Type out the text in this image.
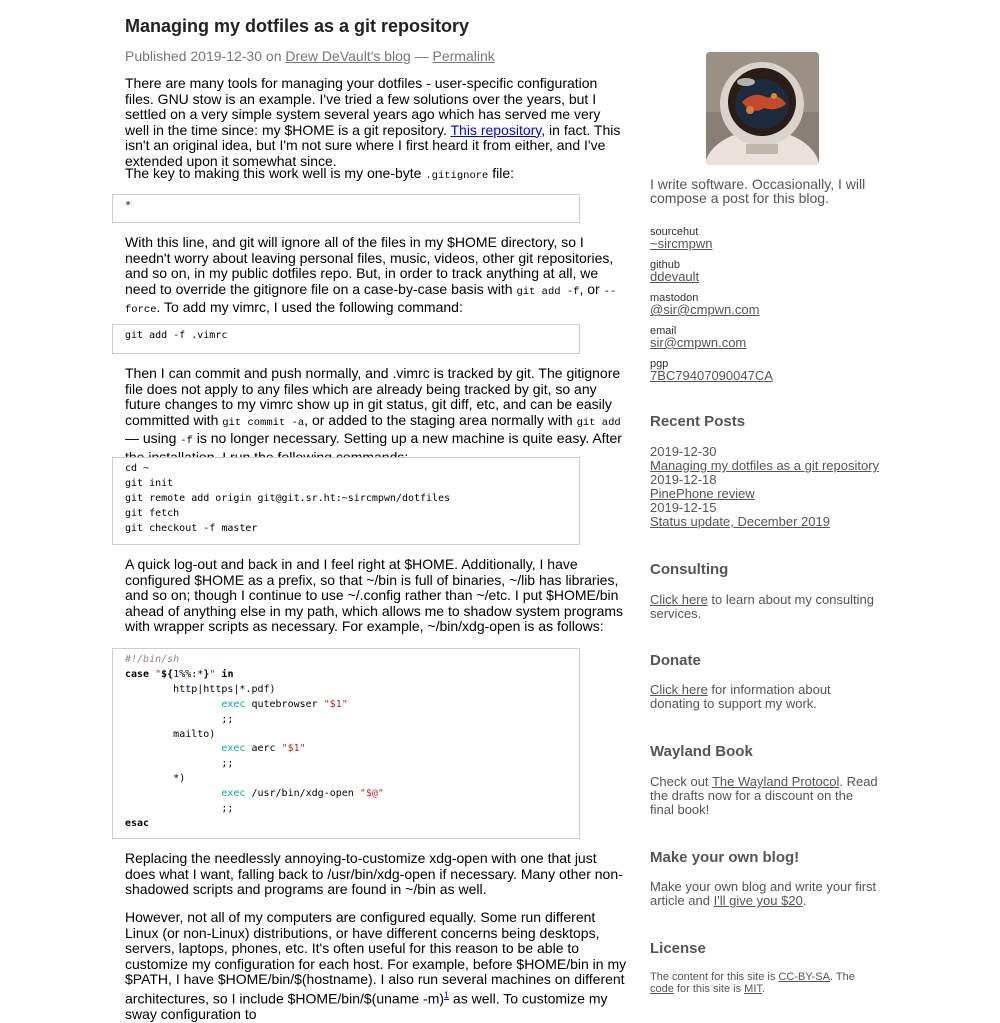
Managing my dotfiles as a git repository
Published 2019-12-30 on Drew DeVault's blog — Permalink

There are many tools for managing your dotfiles - user-specific configuration files. GNU stow is an example. I've tried a few solutions over the years, but I settled on a very simple system several years ago which has served me very well in the time since: my $HOME is a git repository. This repository, in fact. This isn't an original idea, but I'm not sure where I first heard it from either, and I've extended upon it somewhat since.

The key to making this work well is my one-byte .gitignore file:

*

With this line, and git will ignore all of the files in my $HOME directory, so I needn't worry about leaving personal files, music, videos, other git repositories, and so on, in my public dotfiles repo. But, in order to track anything at all, we need to override the gitignore file on a case-by-case basis with git add -f, or --force. To add my vimrc, I used the following command:

git add -f .vimrc

Then I can commit and push normally, and .vimrc is tracked by git. The gitignore file does not apply to any files which are already being tracked by git, so any future changes to my vimrc show up in git status, git diff, etc, and can be easily committed with git commit -a, or added to the staging area normally with git add — using -f is no longer necessary. Setting up a new machine is quite easy. After

cd ~
git init
git remote add origin git@git.sr.ht:~sircmpwn/dotfiles
git fetch
git checkout -f master

A quick log-out and back in and I feel right at $HOME. Additionally, I have configured $HOME as a prefix, so that ~/bin is full of binaries, ~/lib has libraries, and so on; though I continue to use ~/.config rather than ~/etc. I put $HOME/bin ahead of anything else in my path, which allows me to shadow system programs with wrapper scripts as necessary. For example, ~/bin/xdg-open is as follows:

#!/bin/sh
case "${1%%:*}" in
	http|https|*.pdf)
		exec qutebrowser "$1"
		;;
	mailto)
		exec aerc "$1"
		;;
	*)
		exec /usr/bin/xdg-open "$@"
		;;
esac

Replacing the needlessly annoying-to-customize xdg-open with one that just does what I want, falling back to /usr/bin/xdg-open if necessary. Many other non-shadowed scripts and programs are found in ~/bin as well.

However, not all of my computers are configured equally. Some run different Linux (or non-Linux) distributions, or have different concerns being desktops, servers, laptops, phones, etc. It's often useful for this reason to be able to customize my configuration for each host. For example, before $HOME/bin in my $PATH, I have $HOME/bin/$(hostname). I also run several machines on different architectures, so I include $HOME/bin/$(uname -m)$^1$ as well. To customize my sway configuration to

I write software. Occasionally, I will compose a post for this blog.

sourcehut
~sircmpwn
github
ddevault
mastodon
@sir@cmpwn.com
email
sir@cmpwn.com
pgp
7BC79407090047CA
Recent Posts
2019-12-30
Managing my dotfiles as a git repository
2019-12-18
PinePhone review
2019-12-15
Status update, December 2019
Consulting

Click here to learn about my consulting services.

Donate

Click here for information about donating to support my work.

Wayland Book

Check out The Wayland Protocol. Read the drafts now for a discount on the final book!

Make your own blog!

Make your own blog and write your first article and I'll give you $20.

License

The content for this site is CC-BY-SA. The code for this site is MIT.
